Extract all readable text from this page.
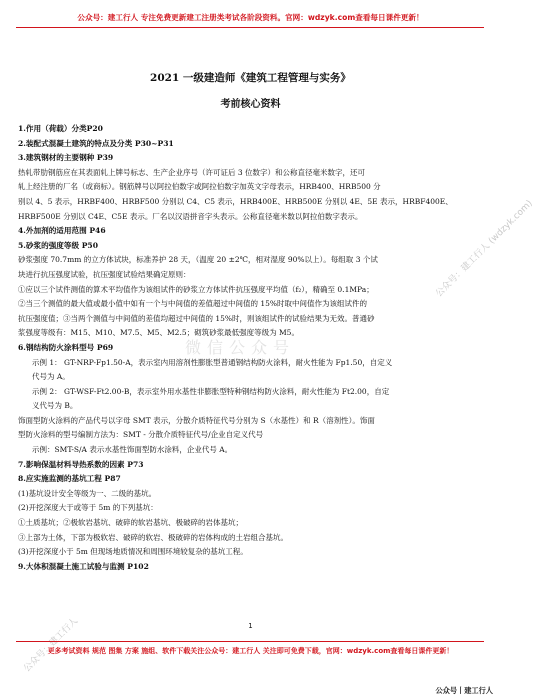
公众号：建工行人 专注免费更新建工注册类考试各阶段资料。官网：wdzyk.com查看每日课件更新！
公众号：建工行人 (wdzyk.com)
公众号：建工行人
微信公众号
2021 一级建造师《建筑工程管理与实务》
考前核心资料
1.作用（荷载）分类P20
2.装配式混凝土建筑的特点及分类 P30~P31
3.建筑钢材的主要钢种 P39
热轧带肋钢筋应在其表面轧上牌号标志、生产企业序号（许可证后 3 位数字）和公称直径毫米数字，还可
轧上经注册的厂名（或商标）。钢筋牌号以阿拉伯数字或阿拉伯数字加英文字母表示，HRB400、HRB500 分
别以 4、5 表示，HRBF400、HRBF500 分别以 C4、C5 表示，HRB400E、HRB500E 分别以 4E、5E 表示，HRBF400E、
HRBF500E 分别以 C4E、C5E 表示。厂名以汉语拼音字头表示。公称直径毫米数以阿拉伯数字表示。
4.外加剂的适用范围 P46
5.砂浆的强度等级 P50
砂浆强度 70.7mm 的立方体试块，标准养护 28 天，（温度 20 ±2℃，相对湿度 90%以上）。每组取 3 个试
块进行抗压强度试验，抗压强度试验结果确定原则：
①应以三个试件测值的算术平均值作为该组试件的砂浆立方体试件抗压强度平均值（f₂），精确至 0.1MPa；
②当三个测值的最大值或最小值中如有一个与中间值的差值超过中间值的 15%时取中间值作为该组试件的
抗压强度值；③当两个测值与中间值的差值均超过中间值的 15%时，则该组试件的试验结果为无效。普通砂
浆强度等级有：M15、M10、M7.5、M5、M2.5；砌筑砂浆最低强度等级为 M5。
6.钢结构防火涂料型号 P69
示例 1： GT-NRP-Fp1.50-A，表示室内用溶剂性膨胀型普通钢结构防火涂料，耐火性能为 Fp1.50，自定义
代号为 A。
示例 2： GT-WSF-Ft2.00-B，表示室外用水基性非膨胀型特种钢结构防火涂料，耐火性能为 Ft2.00，自定
义代号为 B。
饰面型防火涂料的产品代号以字母 SMT 表示，分散介质特征代号分别为 S（水基性）和 R（溶剂性）。饰面
型防火涂料的型号编制方法为：SMT - 分散介质特征代号/企业自定义代号
示例：SMT-S/A 表示水基性饰面型防水涂料，企业代号 A。
7.影响保温材料导热系数的因素 P73
8.应实施监测的基坑工程 P87
(1)基坑设计安全等级为一、二级的基坑。
(2)开挖深度大于或等于 5m 的下列基坑：
①土质基坑；②极软岩基坑、破碎的软岩基坑、极破碎的岩体基坑；
③上部为土体，下部为极软岩、破碎的软岩、极破碎的岩体构成的土岩组合基坑。
(3)开挖深度小于 5m 但现场地质情况和周围环境较复杂的基坑工程。
9.大体积混凝土施工试验与监测 P102
1
更多考试资料 规范 图集 方案 施组、软件下载关注公众号：建工行人 关注即可免费下载，官网：wdzyk.com查看每日课件更新！
公众号丨建工行人
